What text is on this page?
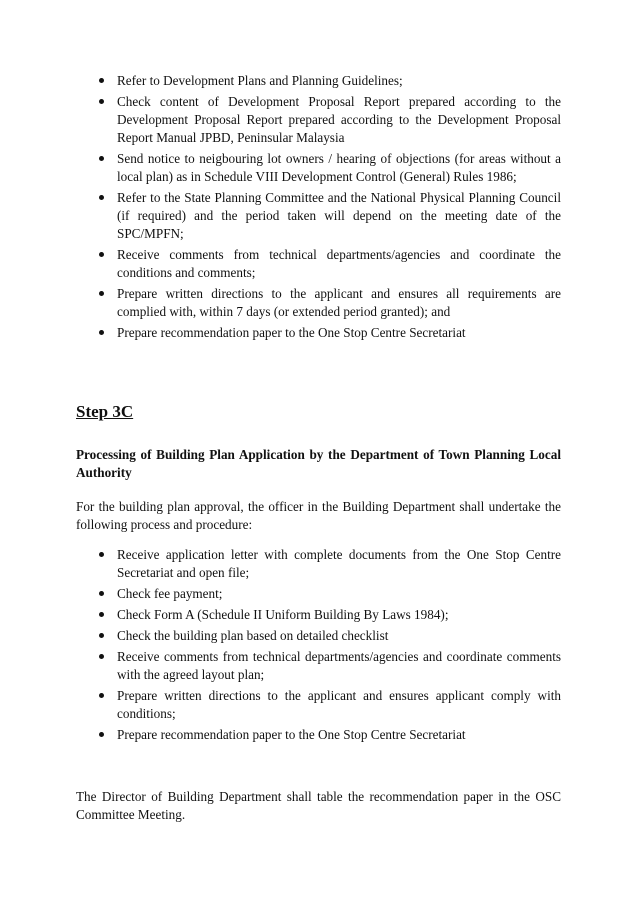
Refer to Development Plans and Planning Guidelines;
Check content of Development Proposal Report prepared according to the Development Proposal Report prepared according to the Development Proposal Report Manual JPBD, Peninsular Malaysia
Send notice to neigbouring lot owners / hearing of objections (for areas without a local plan) as in Schedule VIII Development Control (General) Rules 1986;
Refer to the State Planning Committee and the National Physical Planning Council (if required) and the period taken will depend on the meeting date of the SPC/MPFN;
Receive comments from technical departments/agencies and coordinate the conditions and comments;
Prepare written directions to the applicant and ensures all requirements are complied with, within 7 days (or extended period granted); and
Prepare recommendation paper to the One Stop Centre Secretariat
Step 3C
Processing of Building Plan Application by the Department of Town Planning Local Authority
For the building plan approval, the officer in the Building Department shall undertake the following process and procedure:
Receive application letter with complete documents from the One Stop Centre Secretariat and open file;
Check fee payment;
Check Form A (Schedule II Uniform Building By Laws 1984);
Check the building plan based on detailed checklist
Receive comments from technical departments/agencies and coordinate comments with the agreed layout plan;
Prepare written directions to the applicant and ensures applicant comply with conditions;
Prepare recommendation paper to the One Stop Centre Secretariat
The Director of Building Department shall table the recommendation paper in the OSC Committee Meeting.
